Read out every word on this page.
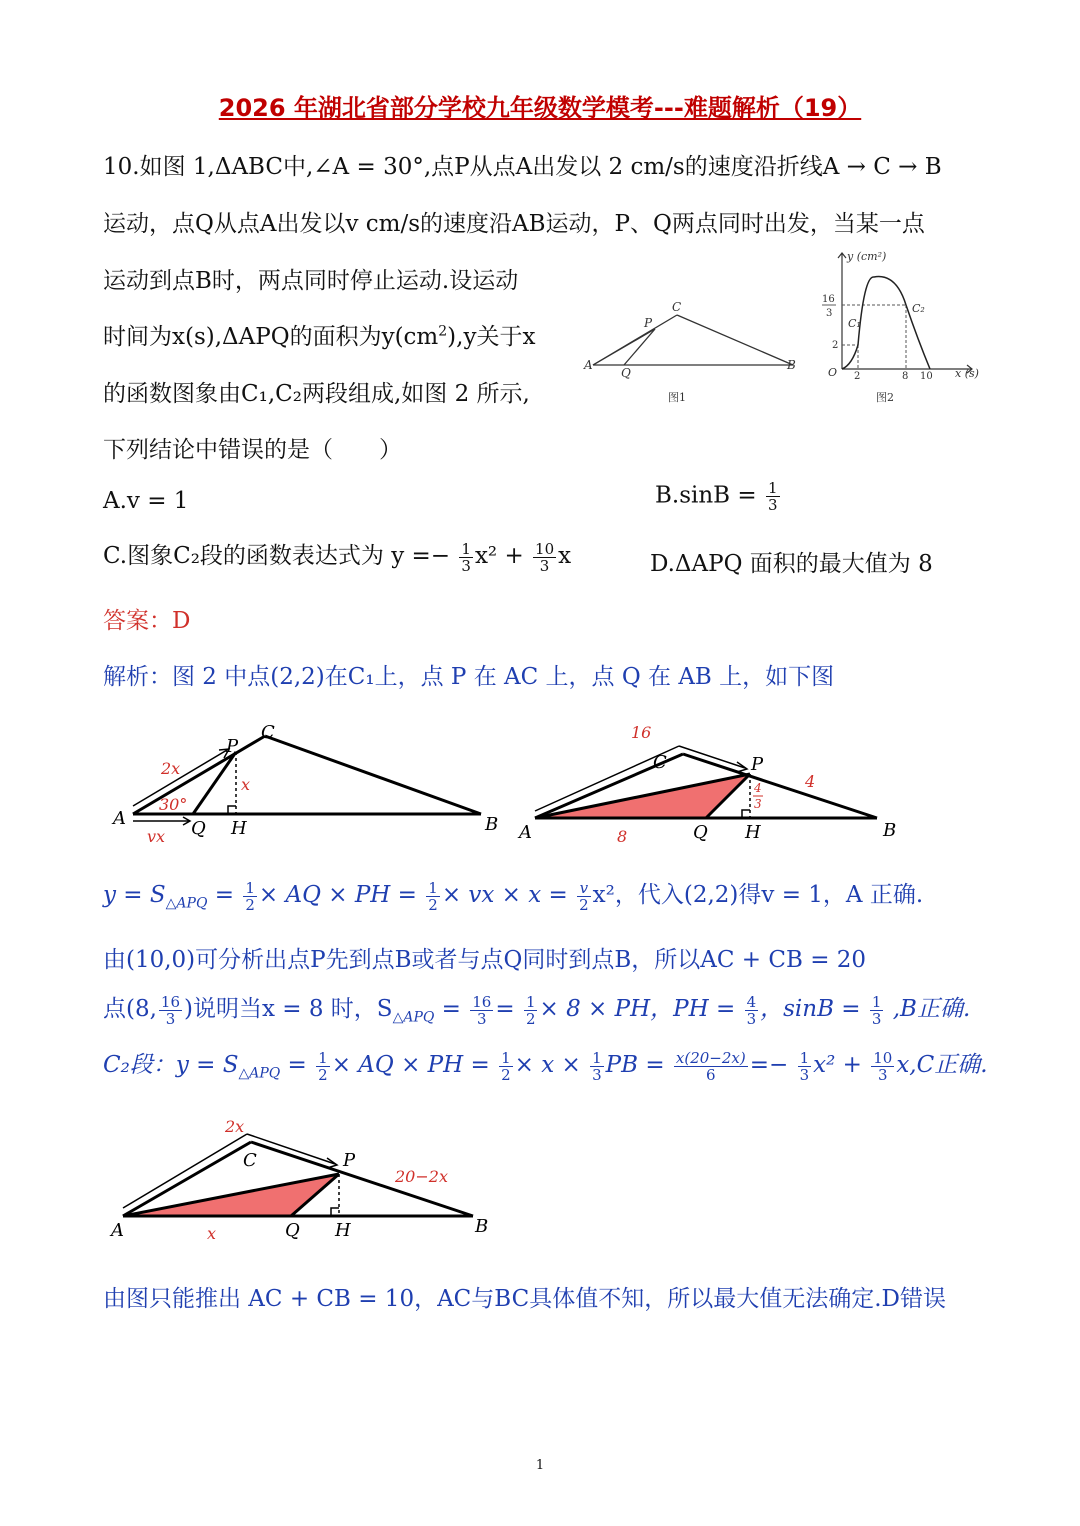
2026 年湖北省部分学校九年级数学模考---难题解析（19）
10.如图 1,ΔABC中,∠A = 30°,点P从点A出发以 2 cm/s的速度沿折线A → C → B
运动，点Q从点A出发以v cm/s的速度沿AB运动，P、Q两点同时出发，当某一点
运动到点B时，两点同时停止运动.设运动
时间为x(s),ΔAPQ的面积为$y(cm^2),y$关于x
的函数图象由C₁,C₂两段组成,如图 2 所示,
下列结论中错误的是（　　）
A.v = 1	$B.\sin B = \frac{1}{3}$
C.图象C₂段的函数表达式为 $y =- \frac{1}{3} x^2 + \frac{10}{3}$ x	D.ΔAPQ 面积的最大值为 8
答案：D
解析：图 2 中点(2,2)在C₁上，点 P 在 AC 上，点 Q 在 AB 上，如下图
A	B
C
P
Q
图1
y (cm²)
x (s)
O
C₁
C₂
2	8 10
2
16
3
图2
A	B
C
P
Q H
2x
vx
x
30°
A	B
C	P
Q H
16
4
8
4
3
$y = S_{\triangle APQ} = \frac{1}{2}$ × AQ × PH = $\frac{1}{2}$ × vx × $x = \frac{v}{2} x^2$，代入(2,2)得v = 1，A 正确.
由(10,0)可分析出点P先到点B或者与点Q同时到点B，所以AC + CB = 20
点(8, $\frac{16}{3}$ )说明当x = 8 时，$S_{\triangle APQ} = \frac{16}{3} = \frac{1}{2} \times 8$ × PH，PH = $\frac{4}{3}$ ，$\sin B = \frac{1}{3} ,B$正确.
C₂段：$y = S_{\triangle APQ} = \frac{1}{2}$ × AQ × PH = $\frac{1}{2} \times x \times \frac{1}{3}$ PB = $\frac{x(20-2x)}{6} =- \frac{1}{3} x^2 + \frac{10}{3} x,C$正确.
A	B
C	P
Q H
2x
20−2x
x
由图只能推出 AC + CB = 10，AC与BC具体值不知，所以最大值无法确定.D错误
1
